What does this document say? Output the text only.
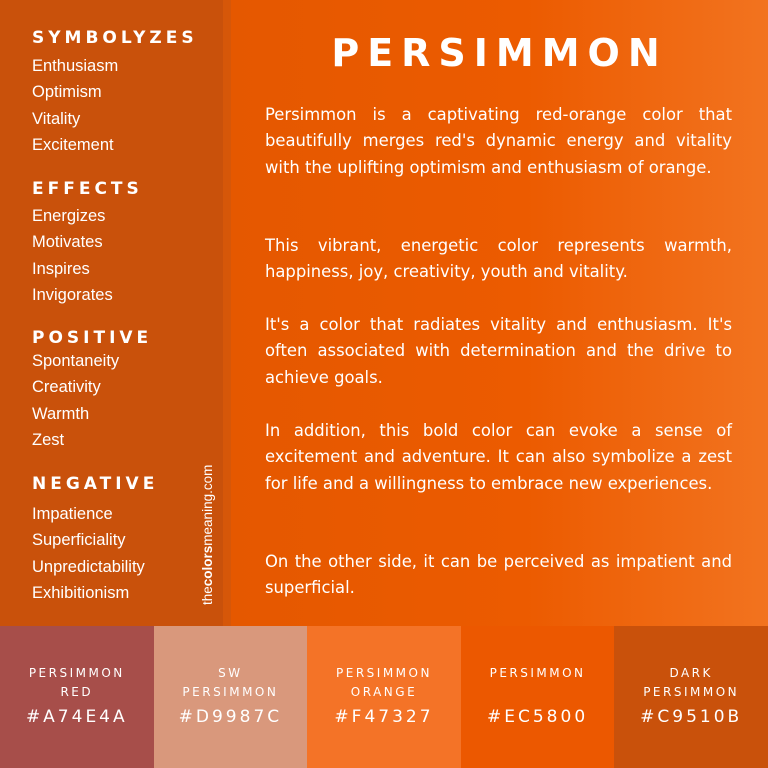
SYMBOLYZES
Enthusiasm
Optimism
Vitality
Excitement
EFFECTS
Energizes
Motivates
Inspires
Invigorates
POSITIVE
Spontaneity
Creativity
Warmth
Zest
NEGATIVE
Impatience
Superficiality
Unpredictability
Exhibitionism	thecolorsmeaning.com
PERSIMMON

Persimmon is a captivating red-orange color that beautifully merges red's dynamic energy and vitality with the uplifting optimism and enthusiasm of orange.

This vibrant, energetic color represents warmth, happiness, joy, creativity, youth and vitality.

It's a color that radiates vitality and enthusiasm. It's often associated with determination and the drive to achieve goals.

In addition, this bold color can evoke a sense of excitement and adventure. It can also symbolize a zest for life and a willingness to embrace new experiences.

On the other side, it can be perceived as impatient and superficial.

PERSIMMON
RED
#A74E4A
SW
PERSIMMON
#D9987C
PERSIMMON
ORANGE
#F47327
PERSIMMON
#EC5800
DARK
PERSIMMON
#C9510B
